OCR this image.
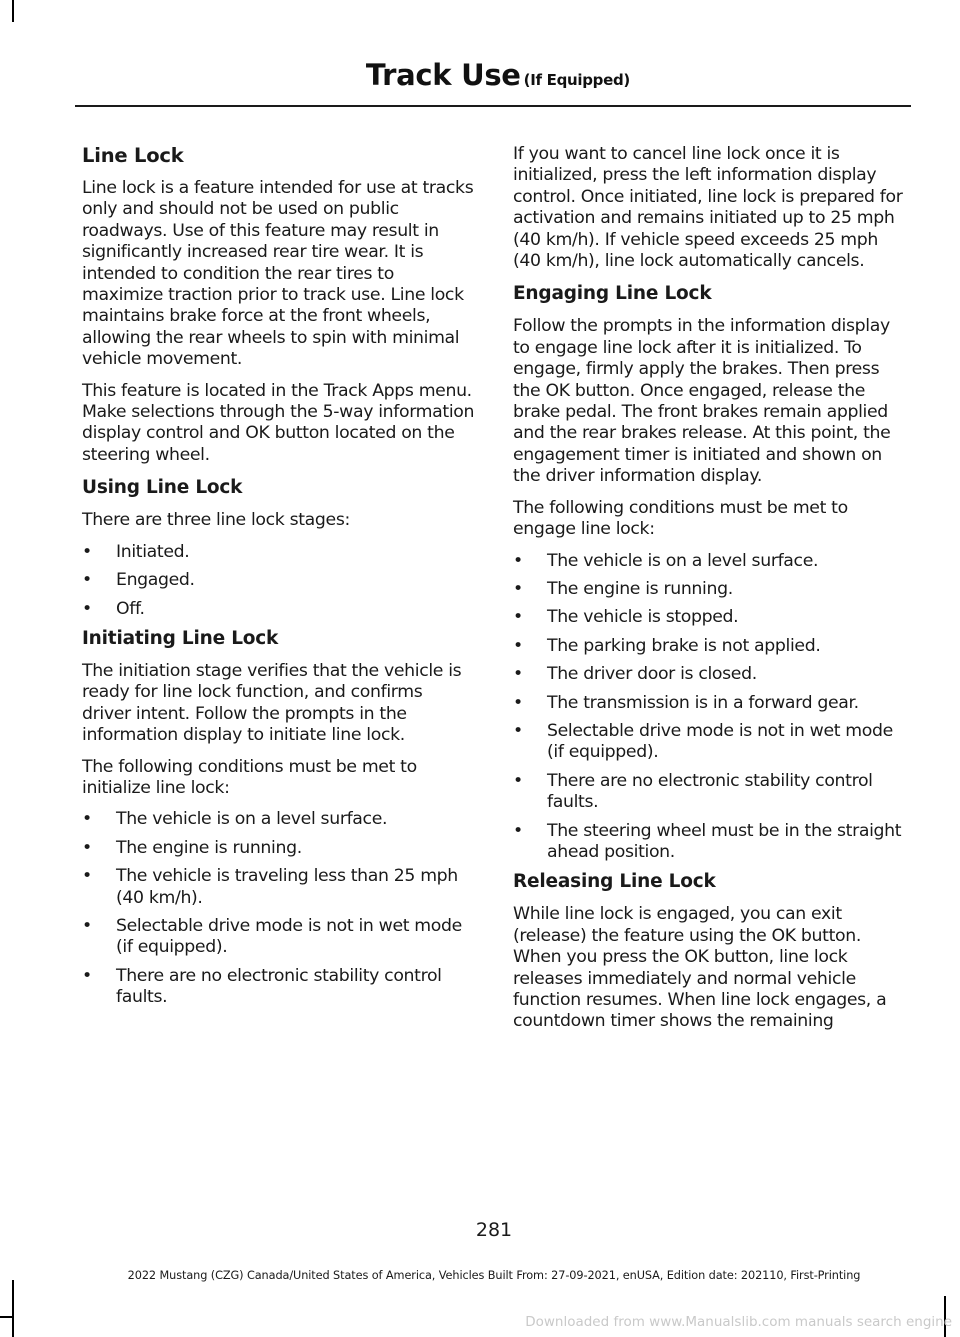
Track Use (If Equipped)
Line Lock

Line lock is a feature intended for use at tracks only and should not be used on public roadways. Use of this feature may result in significantly increased rear tire wear. It is intended to condition the rear tires to maximize traction prior to track use. Line lock maintains brake force at the front wheels, allowing the rear wheels to spin with minimal vehicle movement.

This feature is located in the Track Apps menu. Make selections through the 5-way information display control and OK button located on the steering wheel.

Using Line Lock

There are three line lock stages:

• Initiated.
• Engaged.
• Off.
Initiating Line Lock

The initiation stage verifies that the vehicle is ready for line lock function, and confirms driver intent. Follow the prompts in the information display to initiate line lock.

The following conditions must be met to initialize line lock:

• The vehicle is on a level surface.
• The engine is running.
• The vehicle is traveling less than 25 mph (40 km/h).
• Selectable drive mode is not in wet mode (if equipped).
• There are no electronic stability control faults.

If you want to cancel line lock once it is initialized, press the left information display control. Once initiated, line lock is prepared for activation and remains initiated up to 25 mph (40 km/h). If vehicle speed exceeds 25 mph (40 km/h), line lock automatically cancels.

Engaging Line Lock

Follow the prompts in the information display to engage line lock after it is initialized. To engage, firmly apply the brakes. Then press the OK button. Once engaged, release the brake pedal. The front brakes remain applied and the rear brakes release. At this point, the engagement timer is initiated and shown on the driver information display.

The following conditions must be met to engage line lock:

• The vehicle is on a level surface.
• The engine is running.
• The vehicle is stopped.
• The parking brake is not applied.
• The driver door is closed.
• The transmission is in a forward gear.
• Selectable drive mode is not in wet mode (if equipped).
• There are no electronic stability control faults.
• The steering wheel must be in the straight ahead position.
Releasing Line Lock

While line lock is engaged, you can exit (release) the feature using the OK button. When you press the OK button, line lock releases immediately and normal vehicle function resumes. When line lock engages, a countdown timer shows the remaining

281
2022 Mustang (CZG) Canada/United States of America, Vehicles Built From: 27-09-2021, enUSA, Edition date: 202110, First-Printing
Downloaded from www.Manualslib.com manuals search engine
